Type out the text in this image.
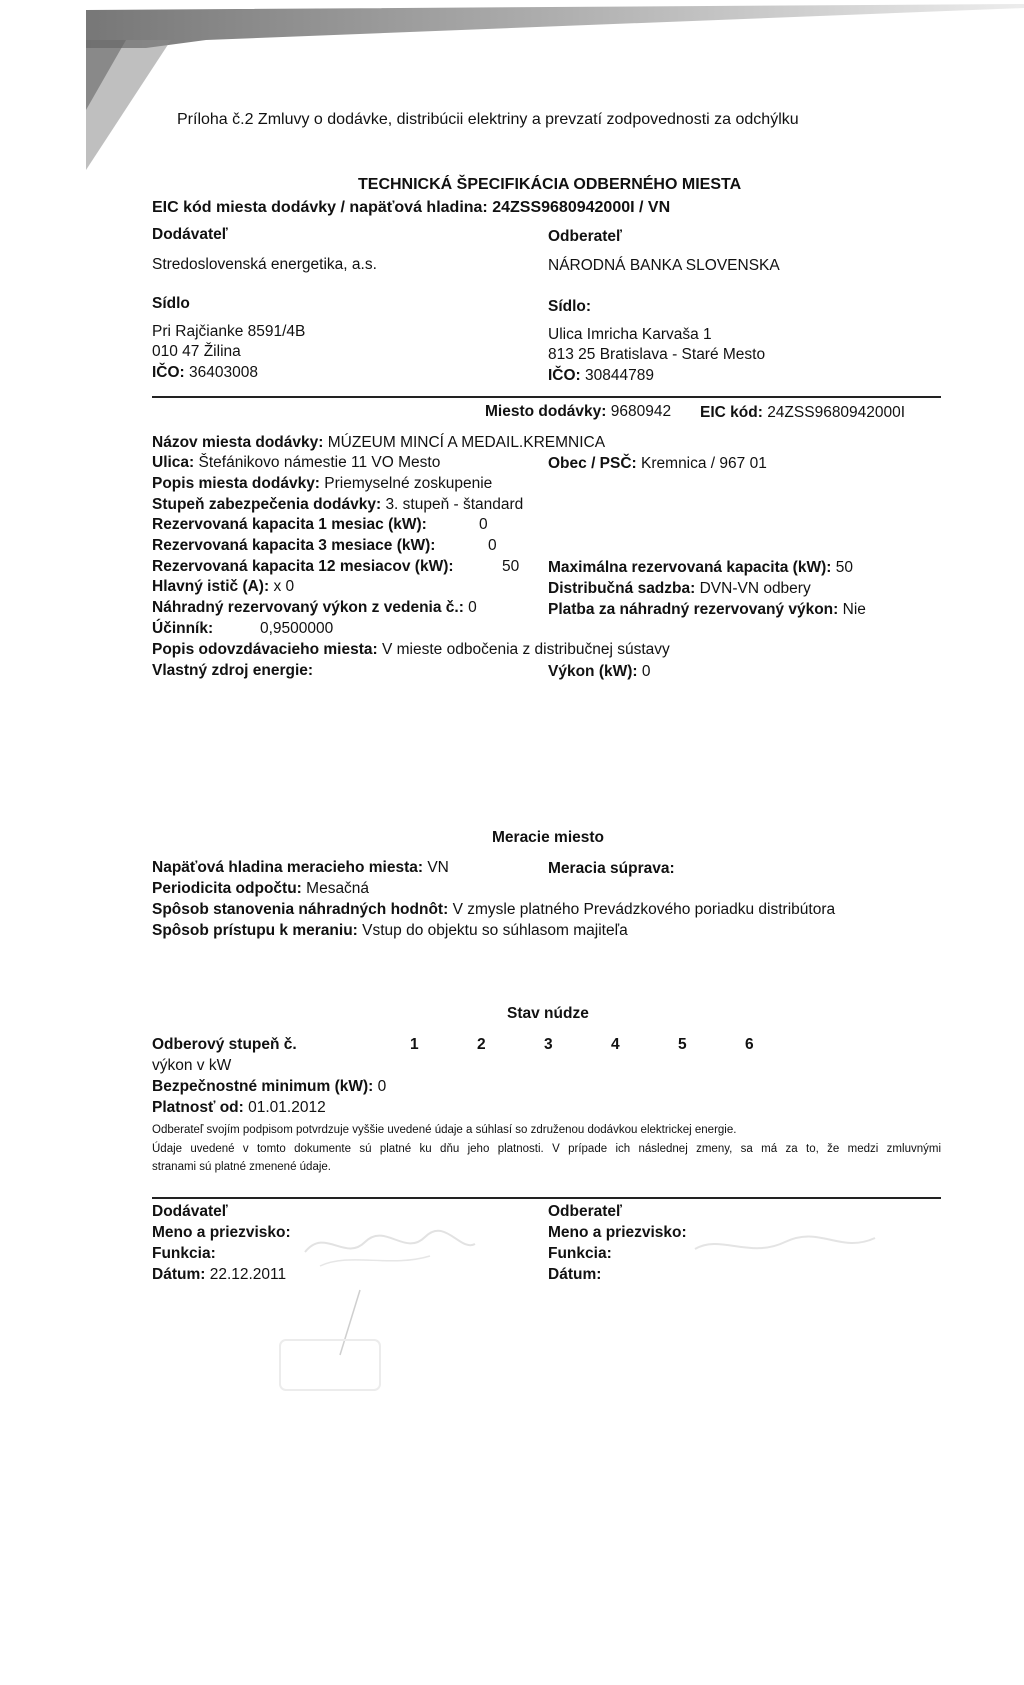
Príloha č.2 Zmluvy o dodávke, distribúcii elektriny a prevzatí zodpovednosti za odchýlku
TECHNICKÁ ŠPECIFIKÁCIA ODBERNÉHO MIESTA
EIC kód miesta dodávky / napäťová hladina: 24ZSS9680942000I / VN
Dodávateľ
Stredoslovenská energetika, a.s.
Sídlo
Pri Rajčianke 8591/4B
010 47 Žilina
IČO: 36403008
Odberateľ
NÁRODNÁ BANKA SLOVENSKA
Sídlo:
Ulica Imricha Karvaša 1
813 25 Bratislava - Staré Mesto
IČO: 30844789
Miesto dodávky: 9680942 EIC kód: 24ZSS9680942000I
Názov miesta dodávky: MÚZEUM MINCÍ A MEDAIL.KREMNICA
Ulica: Štefánikovo námestie 11 VO Mesto	Obec / PSČ: Kremnica / 967 01
Popis miesta dodávky: Priemyselné zoskupenie
Stupeň zabezpečenia dodávky: 3. stupeň - štandard
Rezervovaná kapacita 1 mesiac (kW):	0
Rezervovaná kapacita 3 mesiace (kW):	0
Rezervovaná kapacita 12 mesiacov (kW):	50 Maximálna rezervovaná kapacita (kW): 50
Hlavný istič (A): x 0	Distribučná sadzba: DVN-VN odbery
Náhradný rezervovaný výkon z vedenia č.: 0	Platba za náhradný rezervovaný výkon: Nie
Účinník:	0,9500000
Popis odovzdávacieho miesta: V mieste odbočenia z distribučnej sústavy
Vlastný zdroj energie:	Výkon (kW): 0
Meracie miesto
Napäťová hladina meracieho miesta: VN	Meracia súprava:
Periodicita odpočtu: Mesačná
Spôsob stanovenia náhradných hodnôt: V zmysle platného Prevádzkového poriadku distribútora
Spôsob prístupu k meraniu: Vstup do objektu so súhlasom majiteľa
Stav núdze
Odberový stupeň č.	1	2	3	4	5	6
výkon v kW
Bezpečnostné minimum (kW): 0
Platnosť od: 01.01.2012
Odberateľ svojím podpisom potvrdzuje vyššie uvedené údaje a súhlasí so združenou dodávkou elektrickej energie.
Údaje uvedené v tomto dokumente sú platné ku dňu jeho platnosti. V prípade ich následnej zmeny, sa má za to, že medzi zmluvnými
stranami sú platné zmenené údaje.
Dodávateľ
Meno a priezvisko:
Funkcia:
Dátum: 22.12.2011
Odberateľ
Meno a priezvisko:
Funkcia:
Dátum:
